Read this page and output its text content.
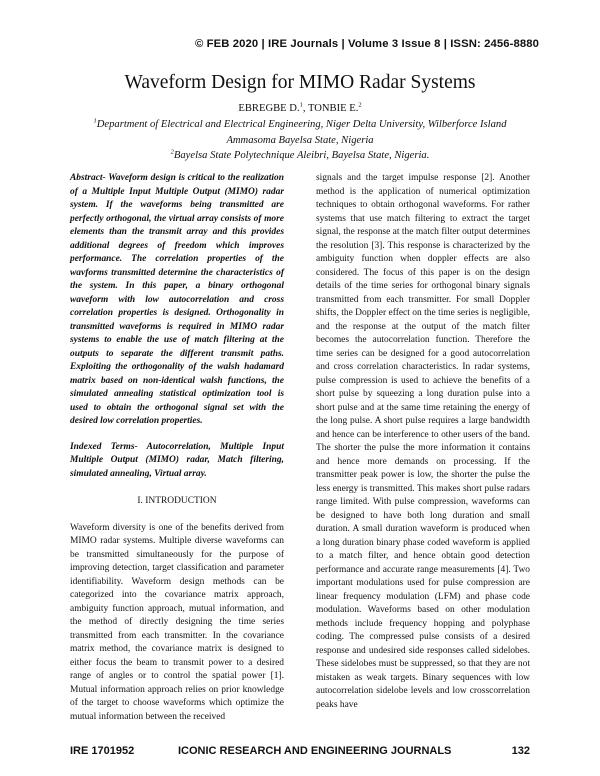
© FEB 2020 | IRE Journals | Volume 3 Issue 8 | ISSN: 2456-8880
Waveform Design for MIMO Radar Systems
EBREGBE D.$^1$, TONBIE E.$^2$
$^1$Department of Electrical and Electrical Engineering, Niger Delta University, Wilberforce Island
Ammasoma Bayelsa State, Nigeria
$^2$Bayelsa State Polytechnique Aleibri, Bayelsa State, Nigeria.

Abstract- Waveform design is critical to the realization of a Multiple Input Multiple Output (MIMO) radar system. If the waveforms being transmitted are perfectly orthogonal, the virtual array consists of more elements than the transmit array and this provides additional degrees of freedom which improves performance. The correlation properties of the wavforms transmitted determine the characteristics of the system. In this paper, a binary orthogonal waveform with low autocorrelation and cross correlation properties is designed. Orthogonality in transmitted waveforms is required in MIMO radar systems to enable the use of match filtering at the outputs to separate the different transmit paths. Exploiting the orthogonality of the walsh hadamard matrix based on non-identical walsh functions, the simulated annealing statistical optimization tool is used to obtain the orthogonal signal set with the desired low correlation properties.

Indexed Terms- Autocorrelation, Multiple Input Multiple Output (MIMO) radar, Match filtering, simulated annealing, Virtual array.

I. INTRODUCTION

Waveform diversity is one of the benefits derived from MIMO radar systems. Multiple diverse waveforms can be transmitted simultaneously for the purpose of improving detection, target classification and parameter identifiability. Waveform design methods can be categorized into the covariance matrix approach, ambiguity function approach, mutual information, and the method of directly designing the time series transmitted from each transmitter. In the covariance matrix method, the covariance matrix is designed to either focus the beam to transmit power to a desired range of angles or to control the spatial power [1]. Mutual information approach relies on prior knowledge of the target to choose waveforms which optimize the mutual information between the received

signals and the target impulse response [2]. Another method is the application of numerical optimization techniques to obtain orthogonal waveforms. For rather systems that use match filtering to extract the target signal, the response at the match filter output determines the resolution [3]. This response is characterized by the ambiguity function when doppler effects are also considered. The focus of this paper is on the design details of the time series for orthogonal binary signals transmitted from each transmitter. For small Doppler shifts, the Doppler effect on the time series is negligible, and the response at the output of the match filter becomes the autocorrelation function. Therefore the time series can be designed for a good autocorrelation and cross correlation characteristics. In radar systems, pulse compression is used to achieve the benefits of a short pulse by squeezing a long duration pulse into a short pulse and at the same time retaining the energy of the long pulse. A short pulse requires a large bandwidth and hence can be interference to other users of the band. The shorter the pulse the more information it contains and hence more demands on processing. If the transmitter peak power is low, the shorter the pulse the less energy is transmitted. This makes short pulse radars range limited. With pulse compression, waveforms can be designed to have both long duration and small duration. A small duration waveform is produced when a long duration binary phase coded waveform is applied to a match filter, and hence obtain good detection performance and accurate range measurements [4]. Two important modulations used for pulse compression are linear frequency modulation (LFM) and phase code modulation. Waveforms based on other modulation methods include frequency hopping and polyphase coding. The compressed pulse consists of a desired response and undesired side responses called sidelobes. These sidelobes must be suppressed, so that they are not mistaken as weak targets. Binary sequences with low autocorrelation sidelobe levels and low crosscorrelation peaks have

IRE 1701952	ICONIC RESEARCH AND ENGINEERING JOURNALS	132
